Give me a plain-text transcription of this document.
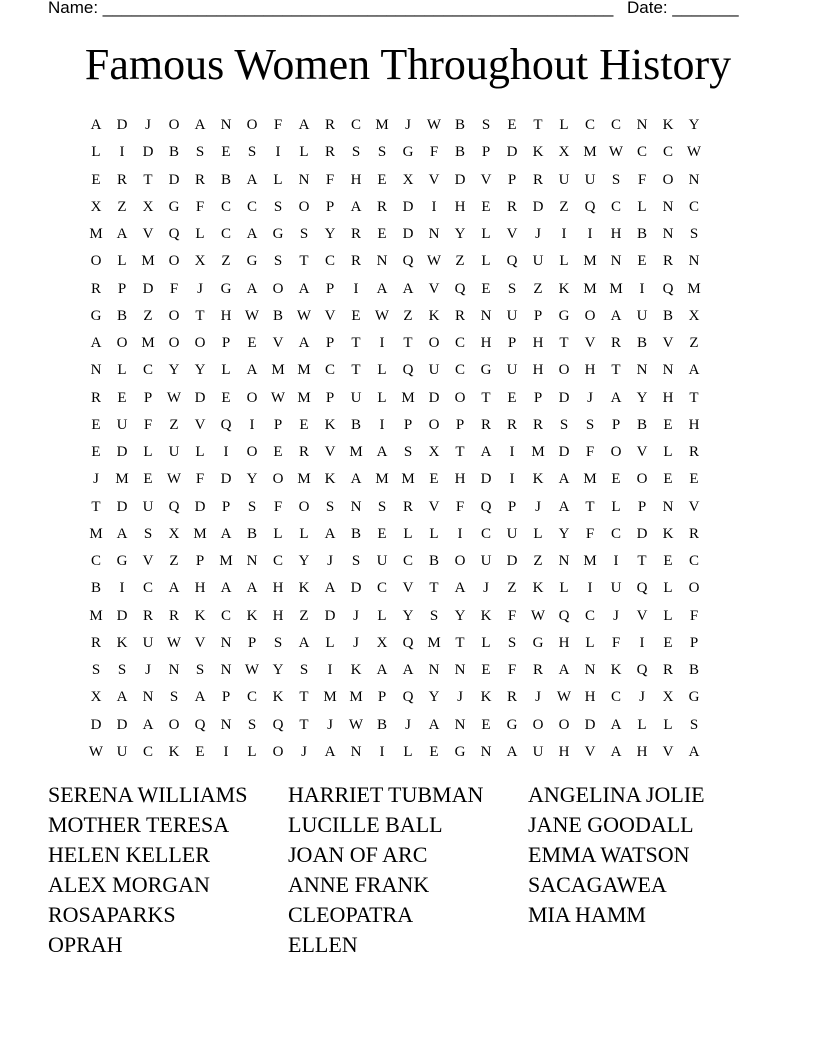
Name: ______________________________________________________ Date: _______
Famous Women Throughout History
A	D	J	O	A	N	O	F	A	R	C M	J	W B	S	E	T	L	C	C	N	K	Y
L	I	D	B	S	E	S	I	L	R	S	S	G	F	B	P	D	K	X M W C	C W
E	R	T	D	R	B	A	L	N	F	H	E	X	V	D	V	P	R	U	U	S	F	O	N
X	Z	X	G	F	C	C	S	O	P	A	R	D	I	H	E	R	D	Z	Q	C	L	N	C
M A	V	Q	L	C	A	G	S	Y	R	E	D	N	Y	L	V	J	I	I	H	B	N	S
O	L M O	X	Z	G	S	T	C	R	N	Q W Z	L	Q	U	L M N	E	R	N
R	P	D	F	J	G	A	O	A	P	I	A	A	V	Q	E	S	Z	K M M	I	Q M
G	B	Z	O	T	H W B W V	E W Z	K	R	N	U	P	G	O	A	U	B	X
A	O M O	O	P	E	V	A	P	T	I	T	O	C	H	P	H	T	V	R	B	V	Z
N	L	C	Y	Y	L	A M M C	T	L	Q	U	C	G	U	H	O	H	T	N	N	A
R	E	P W D	E	O W M	P	U	L M D	O	T	E	P	D	J	A	Y	H	T
E	U	F	Z	V	Q	I	P	E	K	B	I	P	O	P	R	R	R	S	S	P	B	E	H
E	D	L	U	L	I	O	E	R	V M A	S	X	T	A	I	M D	F	O	V	L	R
J	M E W F	D	Y	O M K	A M M E	H	D	I	K	A M E	O	E	E
T	D	U	Q	D	P	S	F	O	S	N	S	R	V	F	Q	P	J	A	T	L	P	N	V
M A	S	X M A	B	L	L	A	B	E	L	L	I	C	U	L	Y	F	C	D	K	R
C	G	V	Z	P	M N	C	Y	J	S	U	C	B	O	U	D	Z	N M	I	T	E	C
B	I	C	A	H	A	A	H	K	A	D	C	V	T	A	J	Z	K	L	I	U	Q	L	O
M D	R	R	K	C	K	H	Z	D	J	L	Y	S	Y	K	F W Q	C	J	V	L	F
R	K	U W V	N	P	S	A	L	J	X	Q M T	L	S	G	H	L	F	I	E	P
S	S	J	N	S	N W Y	S	I	K	A	A	N	N	E	F	R	A	N	K	Q	R	B
X	A	N	S	A	P	C	K	T M M	P	Q	Y	J	K	R	J	W H	C	J	X	G
D	D	A	O	Q	N	S	Q	T	J	W B	J	A	N	E	G	O	O	D	A	L	L	S
W U	C	K	E	I	L	O	J	A	N	I	L	E	G	N	A	U	H	V	A	H	V	A
SERENA WILLIAMS
MOTHER TERESA
HELEN KELLER
ALEX MORGAN
ROSAPARKS
OPRAH
HARRIET TUBMAN
LUCILLE BALL
JOAN OF ARC
ANNE FRANK
CLEOPATRA
ELLEN
ANGELINA JOLIE
JANE GOODALL
EMMA WATSON
SACAGAWEA
MIA HAMM
